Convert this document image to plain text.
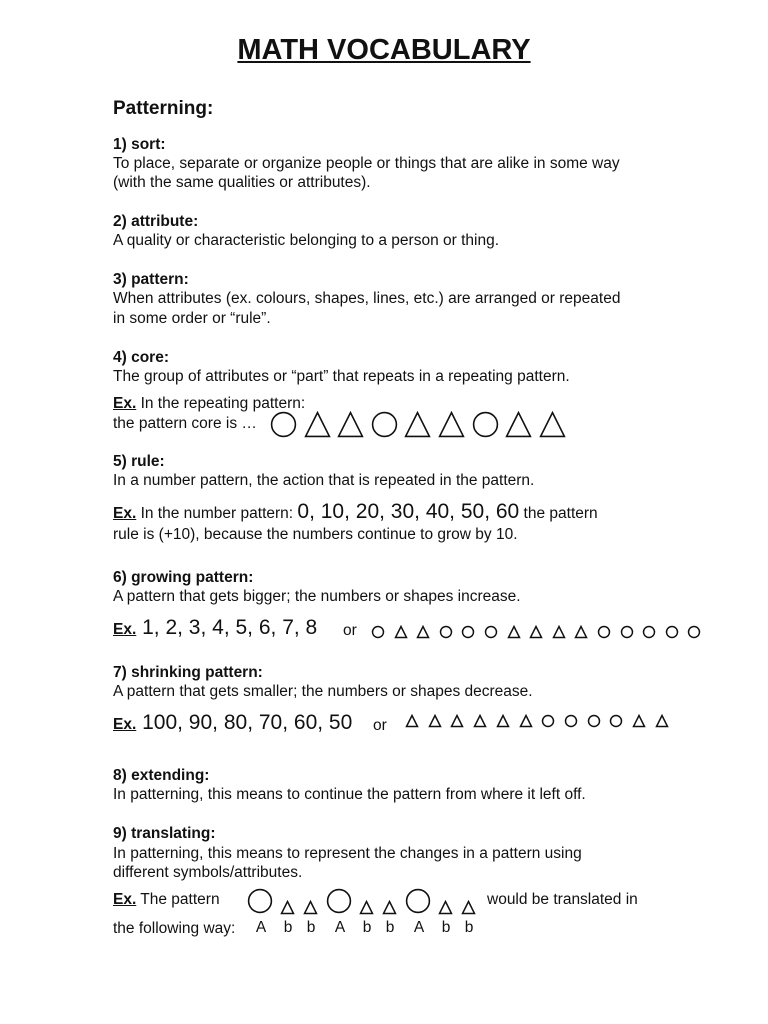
MATH VOCABULARY
Patterning:
1) sort:
To place, separate or organize people or things that are alike in some way
(with the same qualities or attributes).
2) attribute:
A quality or characteristic belonging to a person or thing.
3) pattern:
When attributes (ex. colours, shapes, lines, etc.) are arranged or repeated
in some order or “rule”.
4) core:
The group of attributes or “part” that repeats in a repeating pattern.
Ex. In the repeating pattern:
the pattern core is …
5) rule:
In a number pattern, the action that is repeated in the pattern.
Ex. In the number pattern: 0, 10, 20, 30, 40, 50, 60 the pattern
rule is (+10), because the numbers continue to grow by 10.
6) growing pattern:
A pattern that gets bigger; the numbers or shapes increase.
Ex. 1, 2, 3, 4, 5, 6, 7, 8 or
7) shrinking pattern:
A pattern that gets smaller; the numbers or shapes decrease.
Ex. 100, 90, 80, 70, 60, 50 or
8) extending:
In patterning, this means to continue the pattern from where it left off.
9) translating:
In patterning, this means to represent the changes in a pattern using
different symbols/attributes.
Ex. The pattern	would be translated in
the following way: A b b A b b A b b
